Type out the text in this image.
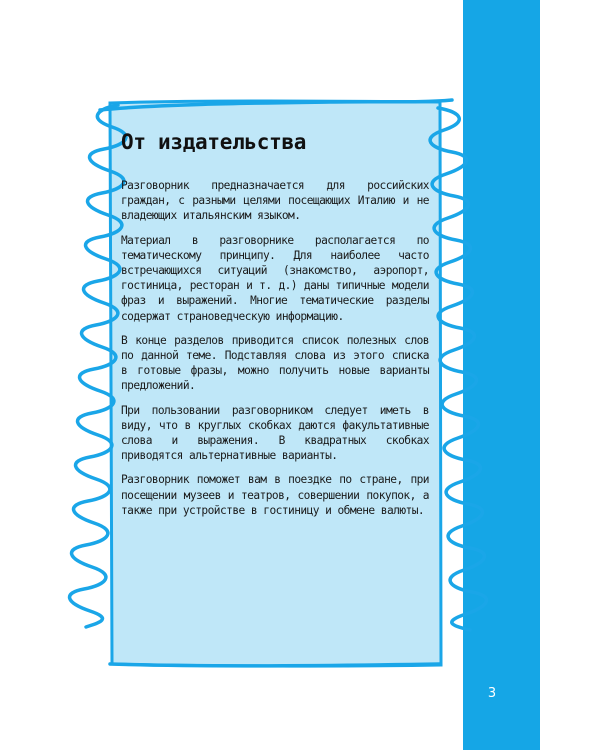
3
От издательства

Разговорник предназначается для российских граждан, с разными целями посещающих Италию и не владеющих итальянским языком.

Материал в разговорнике располагается по тематическому принципу. Для наиболее часто встречающихся ситуаций (знакомство, аэропорт, гостиница, ресторан и т. д.) даны типичные модели фраз и выражений. Многие тематические разделы содержат страноведческую информацию.

В конце разделов приводится список полезных слов по данной теме. Подставляя слова из этого списка в готовые фразы, можно получить новые варианты предложений.

При пользовании разговорником следует иметь в виду, что в круглых скобках даются факультативные слова и выражения. В квадратных скобках приводятся альтернативные варианты.

Разговорник поможет вам в поездке по стране, при посещении музеев и театров, совершении покупок, а также при устройстве в гостиницу и обмене валюты.
